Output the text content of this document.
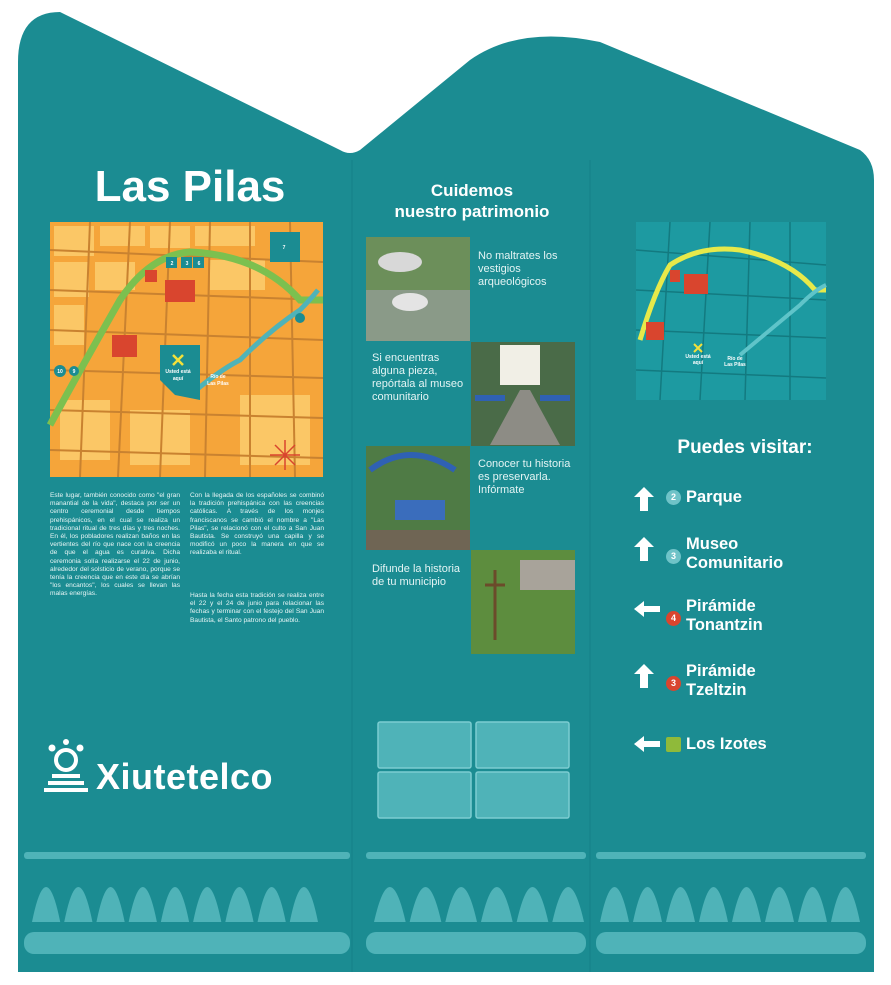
2 3 6
7
10 9	Usted está
aquí	Río de
Las Pilas
Usted está
aquí
Río de
Las Pilas
Las Pilas	Cuidemos
nuestro patrimonio
Este lugar, también conocido como "el gran manantial de la vida", destaca por ser un centro ceremonial desde tiempos prehispánicos, en el cual se realiza un tradicional ritual de tres días y tres noches. En él, los pobladores realizan baños en las vertientes del río que nace con la creencia de que el agua es curativa. Dicha ceremonia solía realizarse el 22 de junio, alrededor del solsticio de verano, porque se tenía la creencia que en este día se abrían "los encantos", los cuales se llevan las malas energías.
Con la llegada de los españoles se combinó la tradición prehispánica con las creencias católicas. A través de los monjes franciscanos se cambió el nombre a "Las Pilas", se relacionó con el culto a San Juan Bautista. Se construyó una capilla y se modificó un poco la manera en que se realizaba el ritual.
Hasta la fecha esta tradición se realiza entre el 22 y el 24 de junio para relacionar las fechas y terminar con el festejo del San Juan Bautista, el Santo patrono del pueblo.
No maltrates los vestigios arqueológicos
Si encuentras alguna pieza, repórtala al museo comunitario
Conocer tu historia es preservarla. Infórmate
Difunde la historia de tu municipio
Puedes visitar:
2 Parque
3
Museo
Comunitario
4
Pirámide
Tonantzin
3
Pirámide
Tzeltzin
Los Izotes
Xiutetelco
